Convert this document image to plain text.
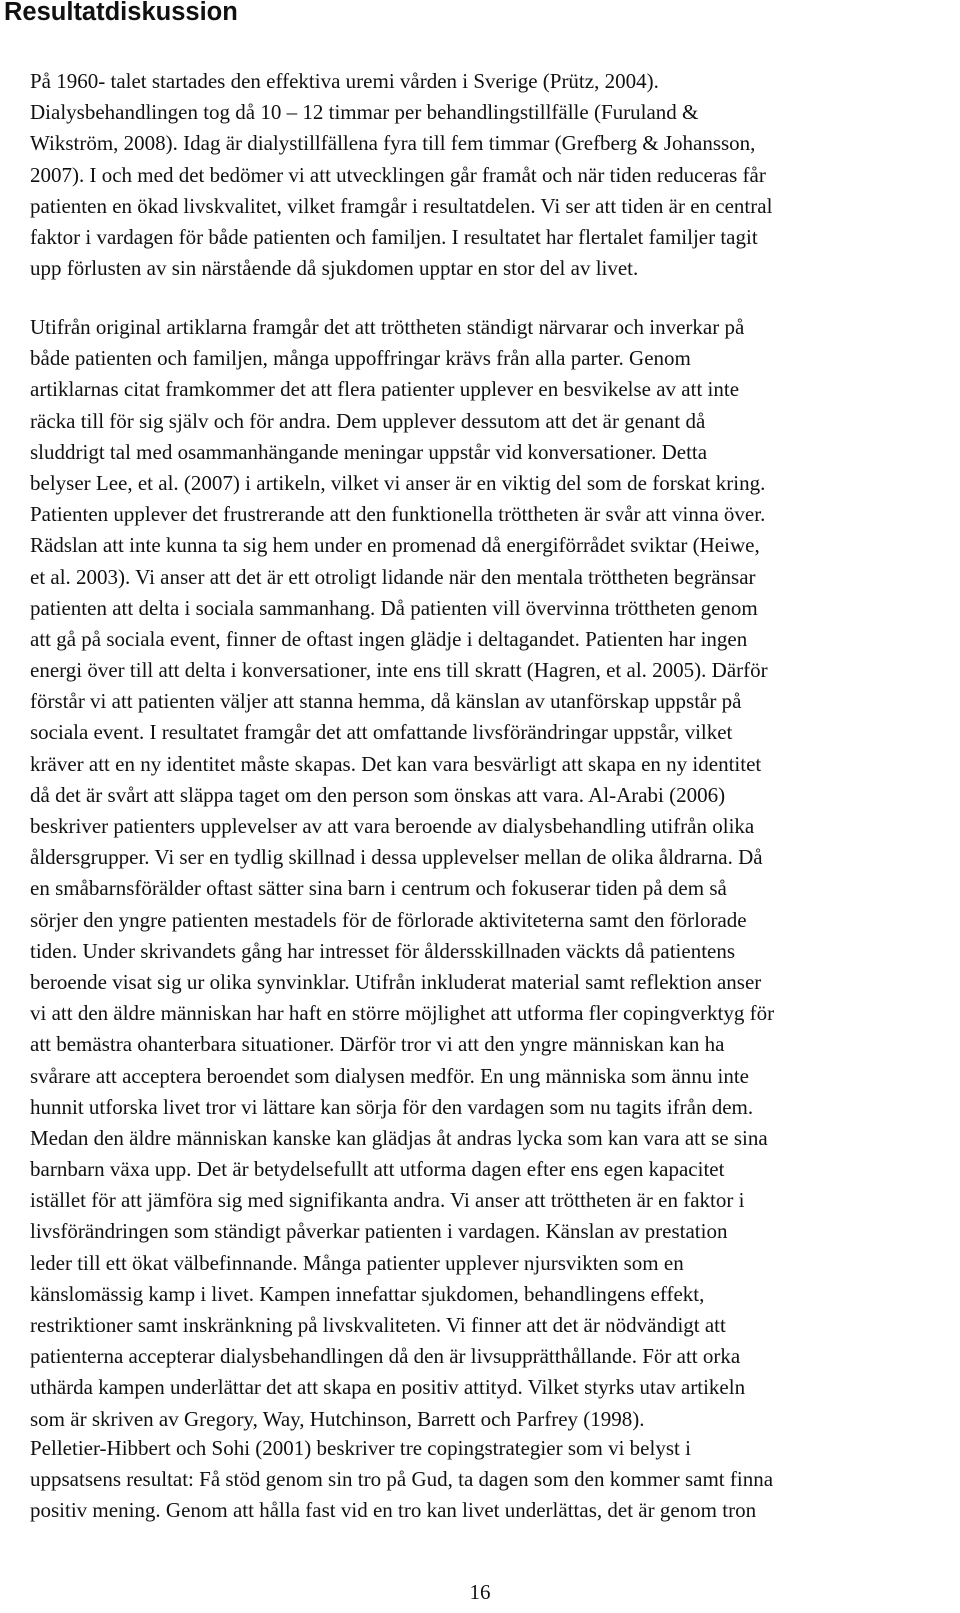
Resultatdiskussion
På 1960- talet startades den effektiva uremi vården i Sverige (Prütz, 2004).
Dialysbehandlingen tog då 10 – 12 timmar per behandlingstillfälle (Furuland &
Wikström, 2008). Idag är dialystillfällena fyra till fem timmar (Grefberg & Johansson,
2007). I och med det bedömer vi att utvecklingen går framåt och när tiden reduceras får
patienten en ökad livskvalitet, vilket framgår i resultatdelen. Vi ser att tiden är en central
faktor i vardagen för både patienten och familjen. I resultatet har flertalet familjer tagit
upp förlusten av sin närstående då sjukdomen upptar en stor del av livet.
Utifrån original artiklarna framgår det att tröttheten ständigt närvarar och inverkar på
både patienten och familjen, många uppoffringar krävs från alla parter. Genom
artiklarnas citat framkommer det att flera patienter upplever en besvikelse av att inte
räcka till för sig själv och för andra. Dem upplever dessutom att det är genant då
sluddrigt tal med osammanhängande meningar uppstår vid konversationer. Detta
belyser Lee, et al. (2007) i artikeln, vilket vi anser är en viktig del som de forskat kring.
Patienten upplever det frustrerande att den funktionella tröttheten är svår att vinna över.
Rädslan att inte kunna ta sig hem under en promenad då energiförrådet sviktar (Heiwe,
et al. 2003). Vi anser att det är ett otroligt lidande när den mentala tröttheten begränsar
patienten att delta i sociala sammanhang. Då patienten vill övervinna tröttheten genom
att gå på sociala event, finner de oftast ingen glädje i deltagandet. Patienten har ingen
energi över till att delta i konversationer, inte ens till skratt (Hagren, et al. 2005). Därför
förstår vi att patienten väljer att stanna hemma, då känslan av utanförskap uppstår på
sociala event. I resultatet framgår det att omfattande livsförändringar uppstår, vilket
kräver att en ny identitet måste skapas. Det kan vara besvärligt att skapa en ny identitet
då det är svårt att släppa taget om den person som önskas att vara. Al-Arabi (2006)
beskriver patienters upplevelser av att vara beroende av dialysbehandling utifrån olika
åldersgrupper. Vi ser en tydlig skillnad i dessa upplevelser mellan de olika åldrarna. Då
en småbarnsförälder oftast sätter sina barn i centrum och fokuserar tiden på dem så
sörjer den yngre patienten mestadels för de förlorade aktiviteterna samt den förlorade
tiden. Under skrivandets gång har intresset för åldersskillnaden väckts då patientens
beroende visat sig ur olika synvinklar. Utifrån inkluderat material samt reflektion anser
vi att den äldre människan har haft en större möjlighet att utforma fler copingverktyg för
att bemästra ohanterbara situationer. Därför tror vi att den yngre människan kan ha
svårare att acceptera beroendet som dialysen medför. En ung människa som ännu inte
hunnit utforska livet tror vi lättare kan sörja för den vardagen som nu tagits ifrån dem.
Medan den äldre människan kanske kan glädjas åt andras lycka som kan vara att se sina
barnbarn växa upp. Det är betydelsefullt att utforma dagen efter ens egen kapacitet
istället för att jämföra sig med signifikanta andra. Vi anser att tröttheten är en faktor i
livsförändringen som ständigt påverkar patienten i vardagen. Känslan av prestation
leder till ett ökat välbefinnande. Många patienter upplever njursvikten som en
känslomässig kamp i livet. Kampen innefattar sjukdomen, behandlingens effekt,
restriktioner samt inskränkning på livskvaliteten. Vi finner att det är nödvändigt att
patienterna accepterar dialysbehandlingen då den är livsupprätthållande. För att orka
uthärda kampen underlättar det att skapa en positiv attityd. Vilket styrks utav artikeln
som är skriven av Gregory, Way, Hutchinson, Barrett och Parfrey (1998).
Pelletier-Hibbert och Sohi (2001) beskriver tre copingstrategier som vi belyst i
uppsatsens resultat: Få stöd genom sin tro på Gud, ta dagen som den kommer samt finna
positiv mening. Genom att hålla fast vid en tro kan livet underlättas, det är genom tron
16
